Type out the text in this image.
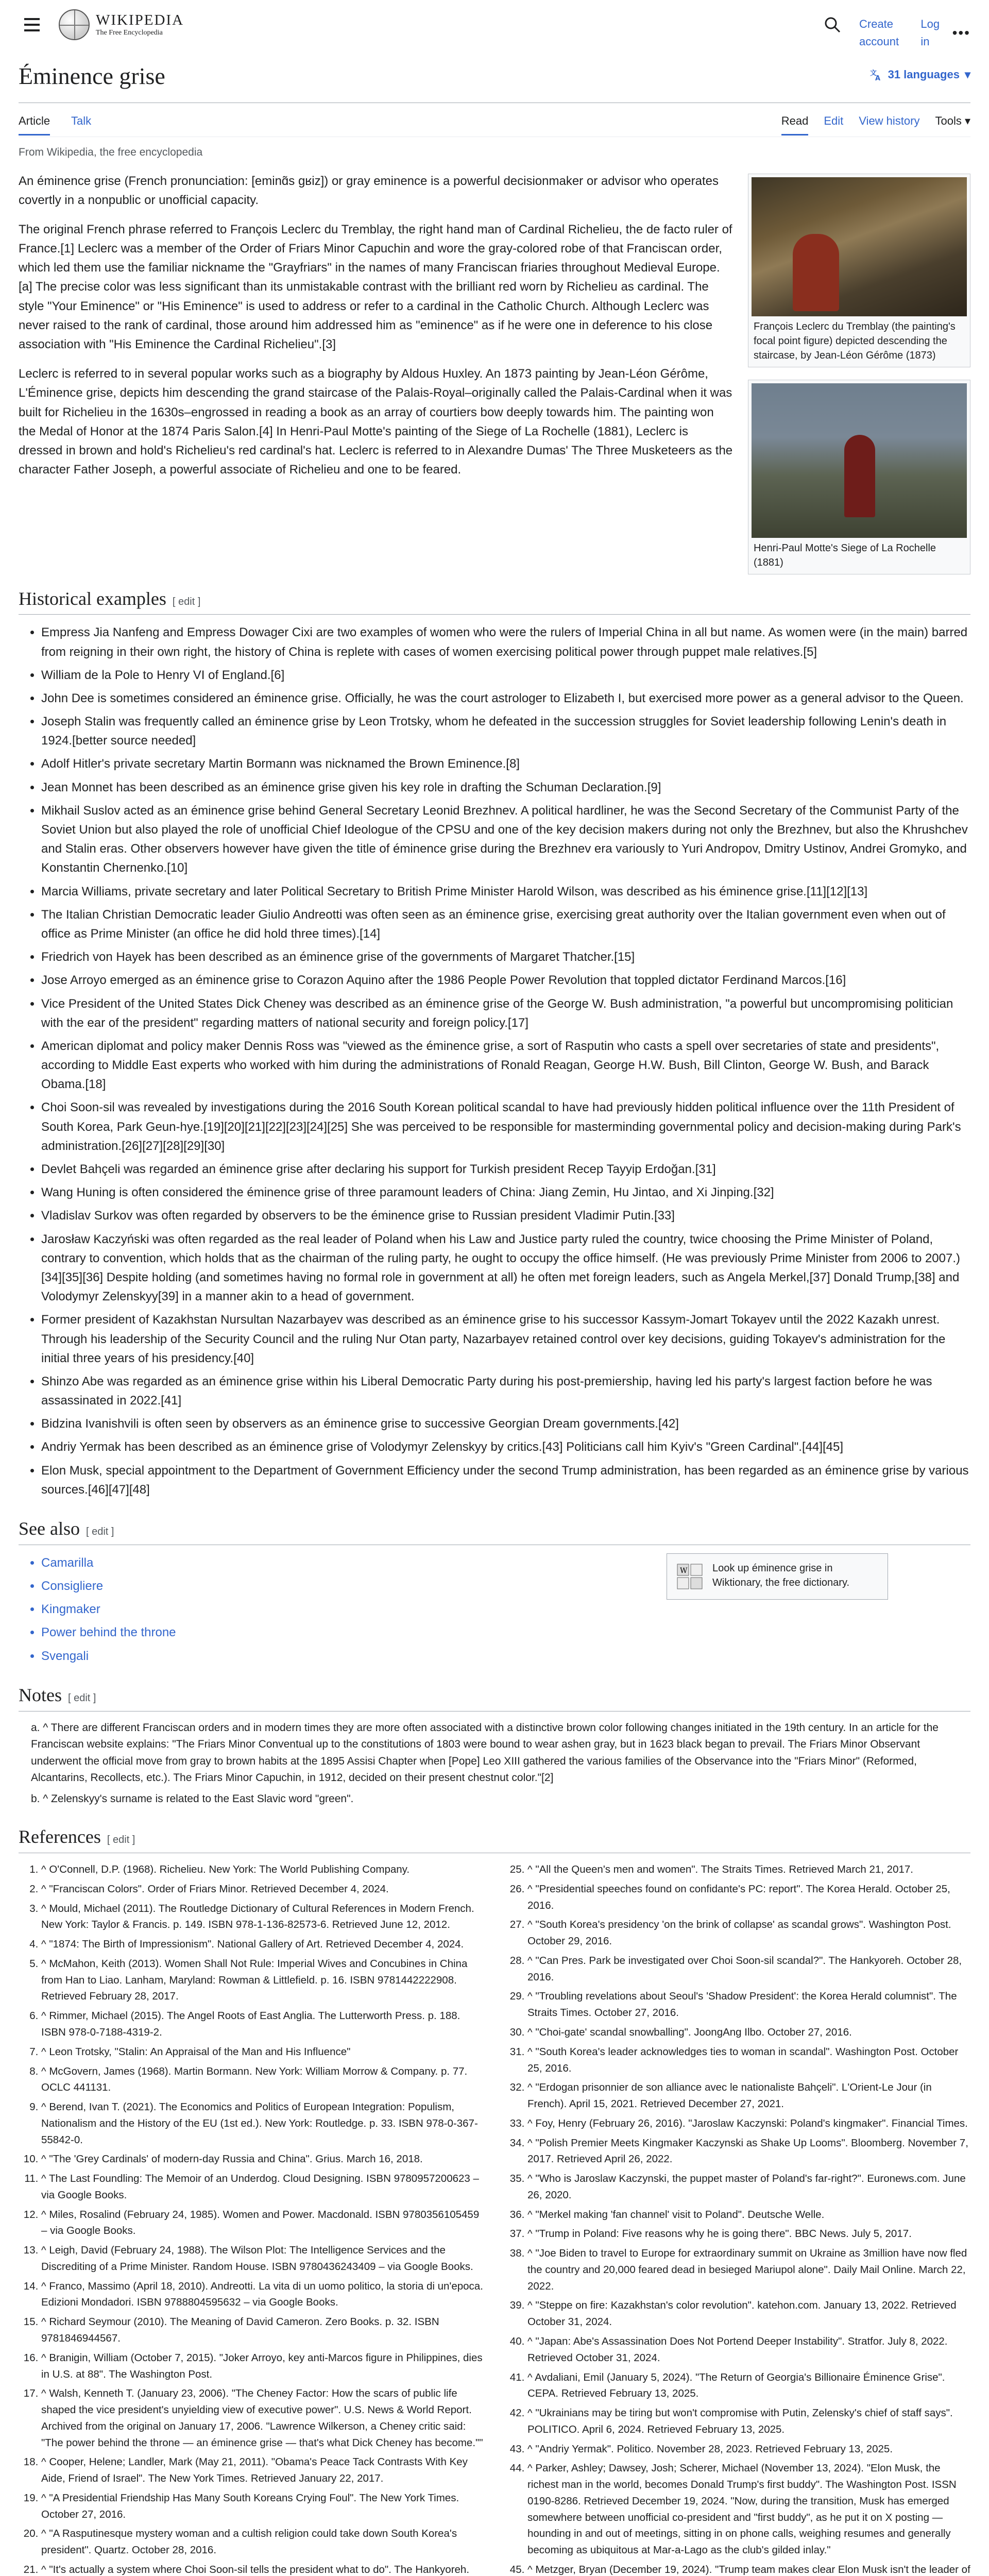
WIKIPEDIA
The Free Encyclopedia
Create account
Log in
•••
Éminence grise	文
A 31 languages ▾
Article Talk	Read Edit View history Tools ▾
From Wikipedia, the free encyclopedia
François Leclerc du Tremblay (the painting's focal point figure) depicted descending the staircase, by Jean-Léon Gérôme (1873)

An éminence grise (French pronunciation: [eminɑ̃s ɡʁiz]) or gray eminence is a powerful decisionmaker or advisor who operates covertly in a nonpublic or unofficial capacity.

The original French phrase referred to François Leclerc du Tremblay, the right hand man of Cardinal Richelieu, the de facto ruler of France.[1] Leclerc was a member of the Order of Friars Minor Capuchin and wore the gray-colored robe of that Franciscan order, which led them use the familiar nickname the "Grayfriars" in the names of many Franciscan friaries throughout Medieval Europe.[a] The precise color was less significant than its unmistakable contrast with the brilliant red worn by Richelieu as cardinal. The style "Your Eminence" or "His Eminence" is used to address or refer to a cardinal in the Catholic Church. Although Leclerc was never raised to the rank of cardinal, those around him addressed him as "eminence" as if he were one in deference to his close association with "His Eminence the Cardinal Richelieu".[3]

Henri-Paul Motte's Siege of La Rochelle (1881)

Leclerc is referred to in several popular works such as a biography by Aldous Huxley. An 1873 painting by Jean-Léon Gérôme, L'Éminence grise, depicts him descending the grand staircase of the Palais-Royal–originally called the Palais-Cardinal when it was built for Richelieu in the 1630s–engrossed in reading a book as an array of courtiers bow deeply towards him. The painting won the Medal of Honor at the 1874 Paris Salon.[4] In Henri-Paul Motte's painting of the Siege of La Rochelle (1881), Leclerc is dressed in brown and hold's Richelieu's red cardinal's hat. Leclerc is referred to in Alexandre Dumas' The Three Musketeers as the character Father Joseph, a powerful associate of Richelieu and one to be feared.

Historical examples [ edit ]
• Empress Jia Nanfeng and Empress Dowager Cixi are two examples of women who were the rulers of Imperial China in all but name. As women were (in the main) barred from reigning in their own right, the history of China is replete with cases of women exercising political power through puppet male relatives.[5]
• William de la Pole to Henry VI of England.[6]
• John Dee is sometimes considered an éminence grise. Officially, he was the court astrologer to Elizabeth I, but exercised more power as a general advisor to the Queen.
• Joseph Stalin was frequently called an éminence grise by Leon Trotsky, whom he defeated in the succession struggles for Soviet leadership following Lenin's death in 1924.[better source needed]
• Adolf Hitler's private secretary Martin Bormann was nicknamed the Brown Eminence.[8]
• Jean Monnet has been described as an éminence grise given his key role in drafting the Schuman Declaration.[9]
• Mikhail Suslov acted as an éminence grise behind General Secretary Leonid Brezhnev. A political hardliner, he was the Second Secretary of the Communist Party of the Soviet Union but also played the role of unofficial Chief Ideologue of the CPSU and one of the key decision makers during not only the Brezhnev, but also the Khrushchev and Stalin eras. Other observers however have given the title of éminence grise during the Brezhnev era variously to Yuri Andropov, Dmitry Ustinov, Andrei Gromyko, and Konstantin Chernenko.[10]
• Marcia Williams, private secretary and later Political Secretary to British Prime Minister Harold Wilson, was described as his éminence grise.[11][12][13]
• The Italian Christian Democratic leader Giulio Andreotti was often seen as an éminence grise, exercising great authority over the Italian government even when out of office as Prime Minister (an office he did hold three times).[14]
• Friedrich von Hayek has been described as an éminence grise of the governments of Margaret Thatcher.[15]
• Jose Arroyo emerged as an éminence grise to Corazon Aquino after the 1986 People Power Revolution that toppled dictator Ferdinand Marcos.[16]
• Vice President of the United States Dick Cheney was described as an éminence grise of the George W. Bush administration, "a powerful but uncompromising politician with the ear of the president" regarding matters of national security and foreign policy.[17]
• American diplomat and policy maker Dennis Ross was "viewed as the éminence grise, a sort of Rasputin who casts a spell over secretaries of state and presidents", according to Middle East experts who worked with him during the administrations of Ronald Reagan, George H.W. Bush, Bill Clinton, George W. Bush, and Barack Obama.[18]
• Choi Soon-sil was revealed by investigations during the 2016 South Korean political scandal to have had previously hidden political influence over the 11th President of South Korea, Park Geun-hye.[19][20][21][22][23][24][25] She was perceived to be responsible for masterminding governmental policy and decision-making during Park's administration.[26][27][28][29][30]
• Devlet Bahçeli was regarded an éminence grise after declaring his support for Turkish president Recep Tayyip Erdoğan.[31]
• Wang Huning is often considered the éminence grise of three paramount leaders of China: Jiang Zemin, Hu Jintao, and Xi Jinping.[32]
• Vladislav Surkov was often regarded by observers to be the éminence grise to Russian president Vladimir Putin.[33]
• Jarosław Kaczyński was often regarded as the real leader of Poland when his Law and Justice party ruled the country, twice choosing the Prime Minister of Poland, contrary to convention, which holds that as the chairman of the ruling party, he ought to occupy the office himself. (He was previously Prime Minister from 2006 to 2007.)[34][35][36] Despite holding (and sometimes having no formal role in government at all) he often met foreign leaders, such as Angela Merkel,[37] Donald Trump,[38] and Volodymyr Zelenskyy[39] in a manner akin to a head of government.
• Former president of Kazakhstan Nursultan Nazarbayev was described as an éminence grise to his successor Kassym-Jomart Tokayev until the 2022 Kazakh unrest. Through his leadership of the Security Council and the ruling Nur Otan party, Nazarbayev retained control over key decisions, guiding Tokayev's administration for the initial three years of his presidency.[40]
• Shinzo Abe was regarded as an éminence grise within his Liberal Democratic Party during his post-premiership, having led his party's largest faction before he was assassinated in 2022.[41]
• Bidzina Ivanishvili is often seen by observers as an éminence grise to successive Georgian Dream governments.[42]
• Andriy Yermak has been described as an éminence grise of Volodymyr Zelenskyy by critics.[43] Politicians call him Kyiv's "Green Cardinal".[44][45]
• Elon Musk, special appointment to the Department of Government Efficiency under the second Trump administration, has been regarded as an éminence grise by various sources.[46][47][48]
See also [ edit ]
W Look up éminence grise in Wiktionary, the free dictionary.
• Camarilla
• Consigliere
• Kingmaker
• Power behind the throne
• Svengali
Notes [ edit ]
a. ^ There are different Franciscan orders and in modern times they are more often associated with a distinctive brown color following changes initiated in the 19th century. In an article for the Franciscan website explains: "The Friars Minor Conventual up to the constitutions of 1803 were bound to wear ashen gray, but in 1623 black began to prevail. The Friars Minor Observant underwent the official move from gray to brown habits at the 1895 Assisi Chapter when [Pope] Leo XIII gathered the various families of the Observance into the "Friars Minor" (Reformed, Alcantarins, Recollects, etc.). The Friars Minor Capuchin, in 1912, decided on their present chestnut color."[2]
b. ^ Zelenskyy's surname is related to the East Slavic word "green".
References [ edit ]
1. ^ O'Connell, D.P. (1968). Richelieu. New York: The World Publishing Company.
2. ^ "Franciscan Colors". Order of Friars Minor. Retrieved December 4, 2024.
3. ^ Mould, Michael (2011). The Routledge Dictionary of Cultural References in Modern French. New York: Taylor & Francis. p. 149. ISBN 978-1-136-82573-6. Retrieved June 12, 2012.
4. ^ "1874: The Birth of Impressionism". National Gallery of Art. Retrieved December 4, 2024.
5. ^ McMahon, Keith (2013). Women Shall Not Rule: Imperial Wives and Concubines in China from Han to Liao. Lanham, Maryland: Rowman & Littlefield. p. 16. ISBN 9781442222908. Retrieved February 28, 2017.
6. ^ Rimmer, Michael (2015). The Angel Roots of East Anglia. The Lutterworth Press. p. 188. ISBN 978-0-7188-4319-2.
7. ^ Leon Trotsky, "Stalin: An Appraisal of the Man and His Influence"
8. ^ McGovern, James (1968). Martin Bormann. New York: William Morrow & Company. p. 77. OCLC 441131.
9. ^ Berend, Ivan T. (2021). The Economics and Politics of European Integration: Populism, Nationalism and the History of the EU (1st ed.). New York: Routledge. p. 33. ISBN 978-0-367-55842-0.
10. ^ "The 'Grey Cardinals' of modern-day Russia and China". Grius. March 16, 2018.
11. ^ The Last Foundling: The Memoir of an Underdog. Cloud Designing. ISBN 9780957200623 – via Google Books.
12. ^ Miles, Rosalind (February 24, 1985). Women and Power. Macdonald. ISBN 9780356105459 – via Google Books.
13. ^ Leigh, David (February 24, 1988). The Wilson Plot: The Intelligence Services and the Discrediting of a Prime Minister. Random House. ISBN 9780436243409 – via Google Books.
14. ^ Franco, Massimo (April 18, 2010). Andreotti. La vita di un uomo politico, la storia di un'epoca. Edizioni Mondadori. ISBN 9788804595632 – via Google Books.
15. ^ Richard Seymour (2010). The Meaning of David Cameron. Zero Books. p. 32. ISBN 9781846944567.
16. ^ Branigin, William (October 7, 2015). "Joker Arroyo, key anti-Marcos figure in Philippines, dies in U.S. at 88". The Washington Post.
17. ^ Walsh, Kenneth T. (January 23, 2006). "The Cheney Factor: How the scars of public life shaped the vice president's unyielding view of executive power". U.S. News & World Report. Archived from the original on January 17, 2006. "Lawrence Wilkerson, a Cheney critic said: "The power behind the throne — an éminence grise — that's what Dick Cheney has become.""
18. ^ Cooper, Helene; Landler, Mark (May 21, 2011). "Obama's Peace Tack Contrasts With Key Aide, Friend of Israel". The New York Times. Retrieved January 22, 2017.
19. ^ "A Presidential Friendship Has Many South Koreans Crying Foul". The New York Times. October 27, 2016.
20. ^ "A Rasputinesque mystery woman and a cultish religion could take down South Korea's president". Quartz. October 28, 2016.
21. ^ "It's actually a system where Choi Soon-sil tells the president what to do". The Hankyoreh.
25. ^ "All the Queen's men and women". The Straits Times. Retrieved March 21, 2017.
26. ^ "Presidential speeches found on confidante's PC: report". The Korea Herald. October 25, 2016.
27. ^ "South Korea's presidency 'on the brink of collapse' as scandal grows". Washington Post. October 29, 2016.
28. ^ "Can Pres. Park be investigated over Choi Soon-sil scandal?". The Hankyoreh. October 28, 2016.
29. ^ "Troubling revelations about Seoul's 'Shadow President': the Korea Herald columnist". The Straits Times. October 27, 2016.
30. ^ "Choi-gate' scandal snowballing". JoongAng Ilbo. October 27, 2016.
31. ^ "South Korea's leader acknowledges ties to woman in scandal". Washington Post. October 25, 2016.
32. ^ "Erdogan prisonnier de son alliance avec le nationaliste Bahçeli". L'Orient-Le Jour (in French). April 15, 2021. Retrieved December 27, 2021.
33. ^ Foy, Henry (February 26, 2016). "Jaroslaw Kaczynski: Poland's kingmaker". Financial Times.
34. ^ "Polish Premier Meets Kingmaker Kaczynski as Shake Up Looms". Bloomberg. November 7, 2017. Retrieved April 26, 2022.
35. ^ "Who is Jaroslaw Kaczynski, the puppet master of Poland's far-right?". Euronews.com. June 26, 2020.
36. ^ "Merkel making 'fan channel' visit to Poland". Deutsche Welle.
37. ^ "Trump in Poland: Five reasons why he is going there". BBC News. July 5, 2017.
38. ^ "Joe Biden to travel to Europe for extraordinary summit on Ukraine as 3million have now fled the country and 20,000 feared dead in besieged Mariupol alone". Daily Mail Online. March 22, 2022.
39. ^ "Steppe on fire: Kazakhstan's color revolution". katehon.com. January 13, 2022. Retrieved October 31, 2024.
40. ^ "Japan: Abe's Assassination Does Not Portend Deeper Instability". Stratfor. July 8, 2022. Retrieved October 31, 2024.
41. ^ Avdaliani, Emil (January 5, 2024). "The Return of Georgia's Billionaire Éminence Grise". CEPA. Retrieved February 13, 2025.
42. ^ "Ukrainians may be tiring but won't compromise with Putin, Zelensky's chief of staff says". POLITICO. April 6, 2024. Retrieved February 13, 2025.
43. ^ "Andriy Yermak". Politico. November 28, 2023. Retrieved February 13, 2025.
44. ^ Parker, Ashley; Dawsey, Josh; Scherer, Michael (November 13, 2024). "Elon Musk, the richest man in the world, becomes Donald Trump's first buddy". The Washington Post. ISSN 0190-8286. Retrieved December 19, 2024. "Now, during the transition, Musk has emerged somewhere between unofficial co-president and "first buddy", as he put it on X posting — hounding in and out of meetings, sitting in on phone calls, weighing resumes and generally becoming as ubiquitous at Mar-a-Lago as the club's gilded inlay."
45. ^ Metzger, Bryan (December 19, 2024). "Trump team makes clear Elon Musk isn't the leader of
